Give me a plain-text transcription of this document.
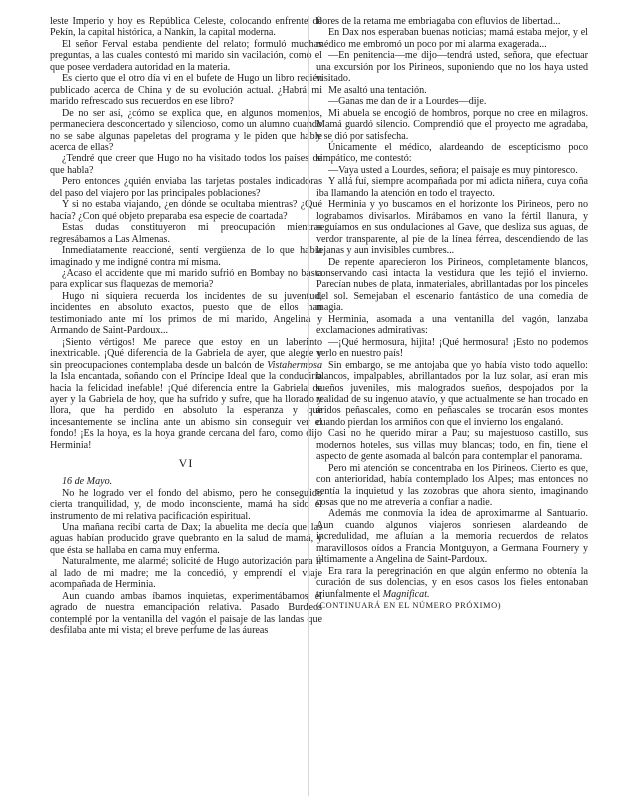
leste Imperio y hoy es República Celeste, colocando enfrente de Pekín, la capital histórica, a Nankín, la capital moderna.

El señor Ferval estaba pendiente del relato; formuló muchas preguntas, a las cuales contestó mi marido sin vacilación, como el que posee verdadera autoridad en la materia.

Es cierto que el otro día vi en el bufete de Hugo un libro recién publicado acerca de China y de su evolución actual. ¿Habrá mi marido refrescado sus recuerdos en ese libro?

De no ser así, ¿cómo se explica que, en algunos momentos, permaneciera desconcertado y silencioso, como un alumno cuando no se sabe algunas papeletas del programa y le piden que hable acerca de ellas?

¿Tendré que creer que Hugo no ha visitado todos los países de que habla?

Pero entonces ¿quién enviaba las tarjetas postales indicadoras del paso del viajero por las principales poblaciones?

Y si no estaba viajando, ¿en dónde se ocultaba mientras? ¿Qué hacía? ¿Con qué objeto preparaba esa especie de coartada?

Estas dudas constituyeron mi preocupación mientras regresábamos a Las Almenas.

Inmediatamente reaccioné, sentí vergüenza de lo que había imaginado y me indigné contra mí misma.

¿Acaso el accidente que mi marido sufrió en Bombay no basta para explicar sus flaquezas de memoria?

Hugo ni siquiera recuerda los incidentes de su juventud, incidentes en absoluto exactos, puesto que de ellos han testimoniado ante mí los primos de mi marido, Angelina y Armando de Saint-Pardoux...

¡Siento vértigos! Me parece que estoy en un laberinto inextricable. ¡Qué diferencia de la Gabriela de ayer, que alegre y sin preocupaciones contemplaba desde un balcón de Vistahermosa la Isla encantada, soñando con el Príncipe Ideal que la conduciría hacia la felicidad inefable! ¡Qué diferencia entre la Gabriela de ayer y la Gabriela de hoy, que ha sufrido y sufre, que ha llorado y llora, que ha perdido en absoluto la esperanza y que incesantemente se inclina ante un abismo sin conseguir ver el fondo! ¡Es la hoya, es la hoya grande cercana del faro, como dijo Herminia!

VI

16 de Mayo.

No he logrado ver el fondo del abismo, pero he conseguido cierta tranquilidad, y, de modo inconsciente, mamá ha sido el instrumento de mi relativa pacificación espiritual.

Una mañana recibí carta de Dax; la abuelita me decía que las aguas habían producido grave quebranto en la salud de mamá, y que ésta se hallaba en cama muy enferma.

Naturalmente, me alarmé; solicité de Hugo autorización para ir al lado de mi madre; me la concedió, y emprendí el viaje acompañada de Herminia.

Aun cuando ambas íbamos inquietas, experimentábamos el agrado de nuestra emancipación relativa. Pasado Burdeos contemplé por la ventanilla del vagón el paisaje de las landas que desfilaba ante mi vista; el breve perfume de las áureas

flores de la retama me embriagaba con efluvios de libertad...

En Dax nos esperaban buenas noticias; mamá estaba mejor, y el médico me embromó un poco por mi alarma exagerada...

—En penitencia—me dijo—tendrá usted, señora, que efectuar una excursión por los Pirineos, suponiendo que no los haya usted visitado.

Me asaltó una tentación.

—Ganas me dan de ir a Lourdes—dije.

Mi abuela se encogió de hombros, porque no cree en milagros. Mamá guardó silencio. Comprendió que el proyecto me agradaba, y se dió por satisfecha.

Únicamente el médico, alardeando de escepticismo poco simpático, me contestó:

—Vaya usted a Lourdes, señora; el paisaje es muy pintoresco.

Y allá fuí, siempre acompañada por mi adicta niñera, cuya coña iba llamando la atención en todo el trayecto.

Herminia y yo buscamos en el horizonte los Pirineos, pero no lograbamos divisarlos. Mirábamos en vano la fértil llanura, y seguíamos en sus ondulaciones al Gave, que desliza sus aguas, de verdor transparente, al pie de la línea férrea, descendiendo de las lejanas y aun invisibles cumbres...

De repente aparecieron los Pirineos, completamente blancos, conservando casi intacta la vestidura que les tejió el invierno. Parecían nubes de plata, inmateriales, abrillantadas por los pinceles del sol. Semejaban el escenario fantástico de una comedia de magia.

Herminia, asomada a una ventanilla del vagón, lanzaba exclamaciones admirativas:

—¡Qué hermosura, hijita! ¡Qué hermosura! ¡Esto no podemos verlo en nuestro país!

Sin embargo, se me antojaba que yo había visto todo aquello: blancos, impalpables, abrillantados por la luz solar, así eran mis sueños juveniles, mis malogrados sueños, despojados por la realidad de su ingenuo atavío, y que actualmente se han trocado en áridos peñascales, como en peñascales se trocarán esos montes cuando pierdan los armiños con que el invierno los engalanó.

Casi no he querido mirar a Pau; su majestuoso castillo, sus modernos hoteles, sus villas muy blancas; todo, en fin, tiene el aspecto de gente asomada al balcón para contemplar el panorama.

Pero mi atención se concentraba en los Pirineos. Cierto es que, con anterioridad, había contemplado los Alpes; mas entonces no sentía la inquietud y las zozobras que ahora siento, imaginando cosas que no me atrevería a confiar a nadie.

Además me conmovía la idea de aproximarme al Santuario. Aun cuando algunos viajeros sonriesen alardeando de incredulidad, me afluían a la memoria recuerdos de relatos maravillosos oídos a Francia Montguyon, a Germana Fournery y últimamente a Angelina de Saint-Pardoux.

Era rara la peregrinación en que algún enfermo no obtenía la curación de sus dolencias, y en esos casos los fieles entonaban triunfalmente el Magnificat.

(CONTINUARÁ EN EL NÚMERO PRÓXIMO)
